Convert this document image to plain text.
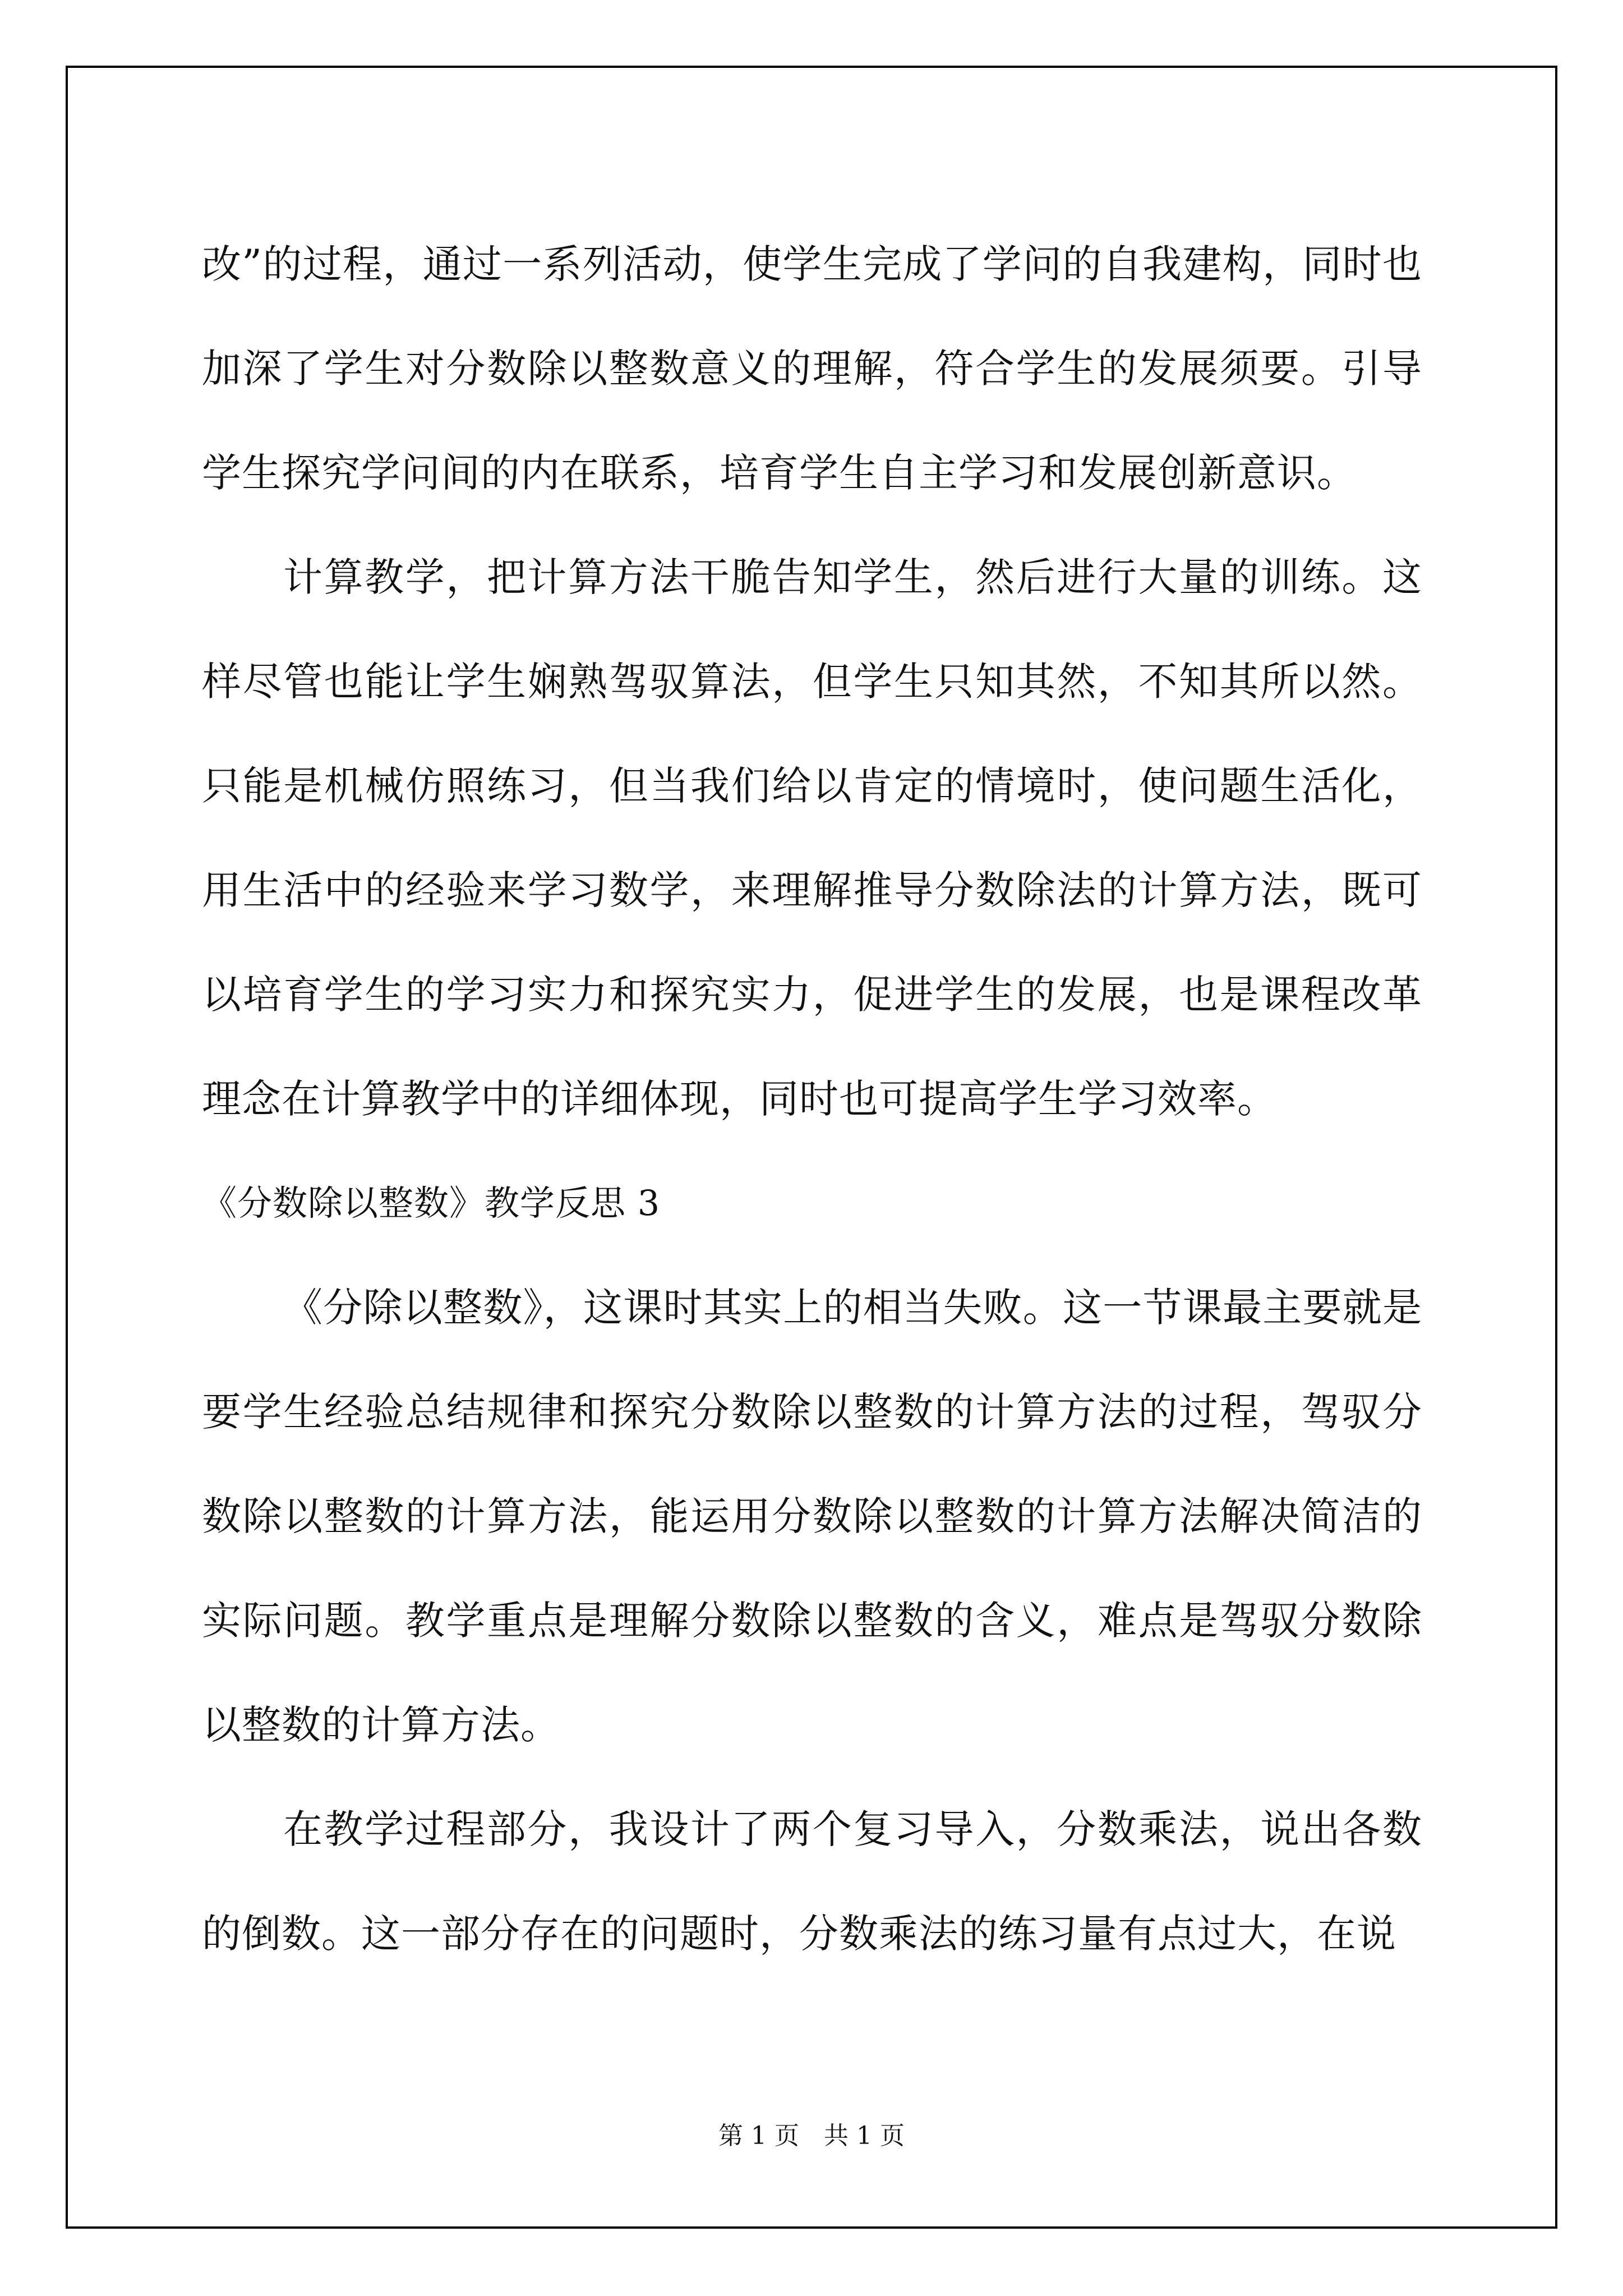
改”的过程，通过一系列活动，使学生完成了学问的自我建构，同时也加深了学生对分数除以整数意义的理解，符合学生的发展须要。引导学生探究学问间的内在联系，培育学生自主学习和发展创新意识。

计算教学，把计算方法干脆告知学生，然后进行大量的训练。这样尽管也能让学生娴熟驾驭算法，但学生只知其然，不知其所以然。只能是机械仿照练习，但当我们给以肯定的情境时，使问题生活化，用生活中的经验来学习数学，来理解推导分数除法的计算方法，既可以培育学生的学习实力和探究实力，促进学生的发展，也是课程改革理念在计算教学中的详细体现，同时也可提高学生学习效率。

《分数除以整数》教学反思 3

《分除以整数》，这课时其实上的相当失败。这一节课最主要就是要学生经验总结规律和探究分数除以整数的计算方法的过程，驾驭分数除以整数的计算方法，能运用分数除以整数的计算方法解决简洁的实际问题。教学重点是理解分数除以整数的含义，难点是驾驭分数除以整数的计算方法。

在教学过程部分，我设计了两个复习导入，分数乘法，说出各数的倒数。这一部分存在的问题时，分数乘法的练习量有点过大，在说

第 1 页 共 1 页
